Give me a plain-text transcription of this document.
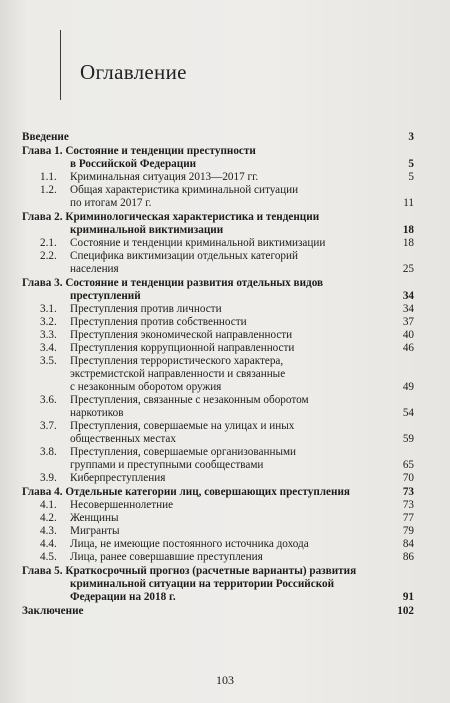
Оглавление
Введение	3
Глава 1. Состояние и тенденции преступности
в Российской Федерации	5
1.1. Криминальная ситуация 2013—2017 гг.	5
1.2. Общая характеристика криминальной ситуации
по итогам 2017 г.	11
Глава 2. Криминологическая характеристика и тенденции
криминальной виктимизации	18
2.1. Состояние и тенденции криминальной виктимизации	18
2.2. Специфика виктимизации отдельных категорий
населения	25
Глава 3. Состояние и тенденции развития отдельных видов
преступлений	34
3.1. Преступления против личности	34
3.2. Преступления против собственности	37
3.3. Преступления экономической направленности	40
3.4. Преступления коррупционной направленности	46
3.5. Преступления террористического характера,
экстремистской направленности и связанные
с незаконным оборотом оружия	49
3.6. Преступления, связанные с незаконным оборотом
наркотиков	54
3.7. Преступления, совершаемые на улицах и иных
общественных местах	59
3.8. Преступления, совершаемые организованными
группами и преступными сообществами	65
3.9. Киберпреступления	70
Глава 4. Отдельные категории лиц, совершающих преступления	73
4.1. Несовершеннолетние	73
4.2. Женщины	77
4.3. Мигранты	79
4.4. Лица, не имеющие постоянного источника дохода	84
4.5. Лица, ранее совершавшие преступления	86
Глава 5. Краткосрочный прогноз (расчетные варианты) развития
криминальной ситуации на территории Российской
Федерации на 2018 г.	91
Заключение	102
103
